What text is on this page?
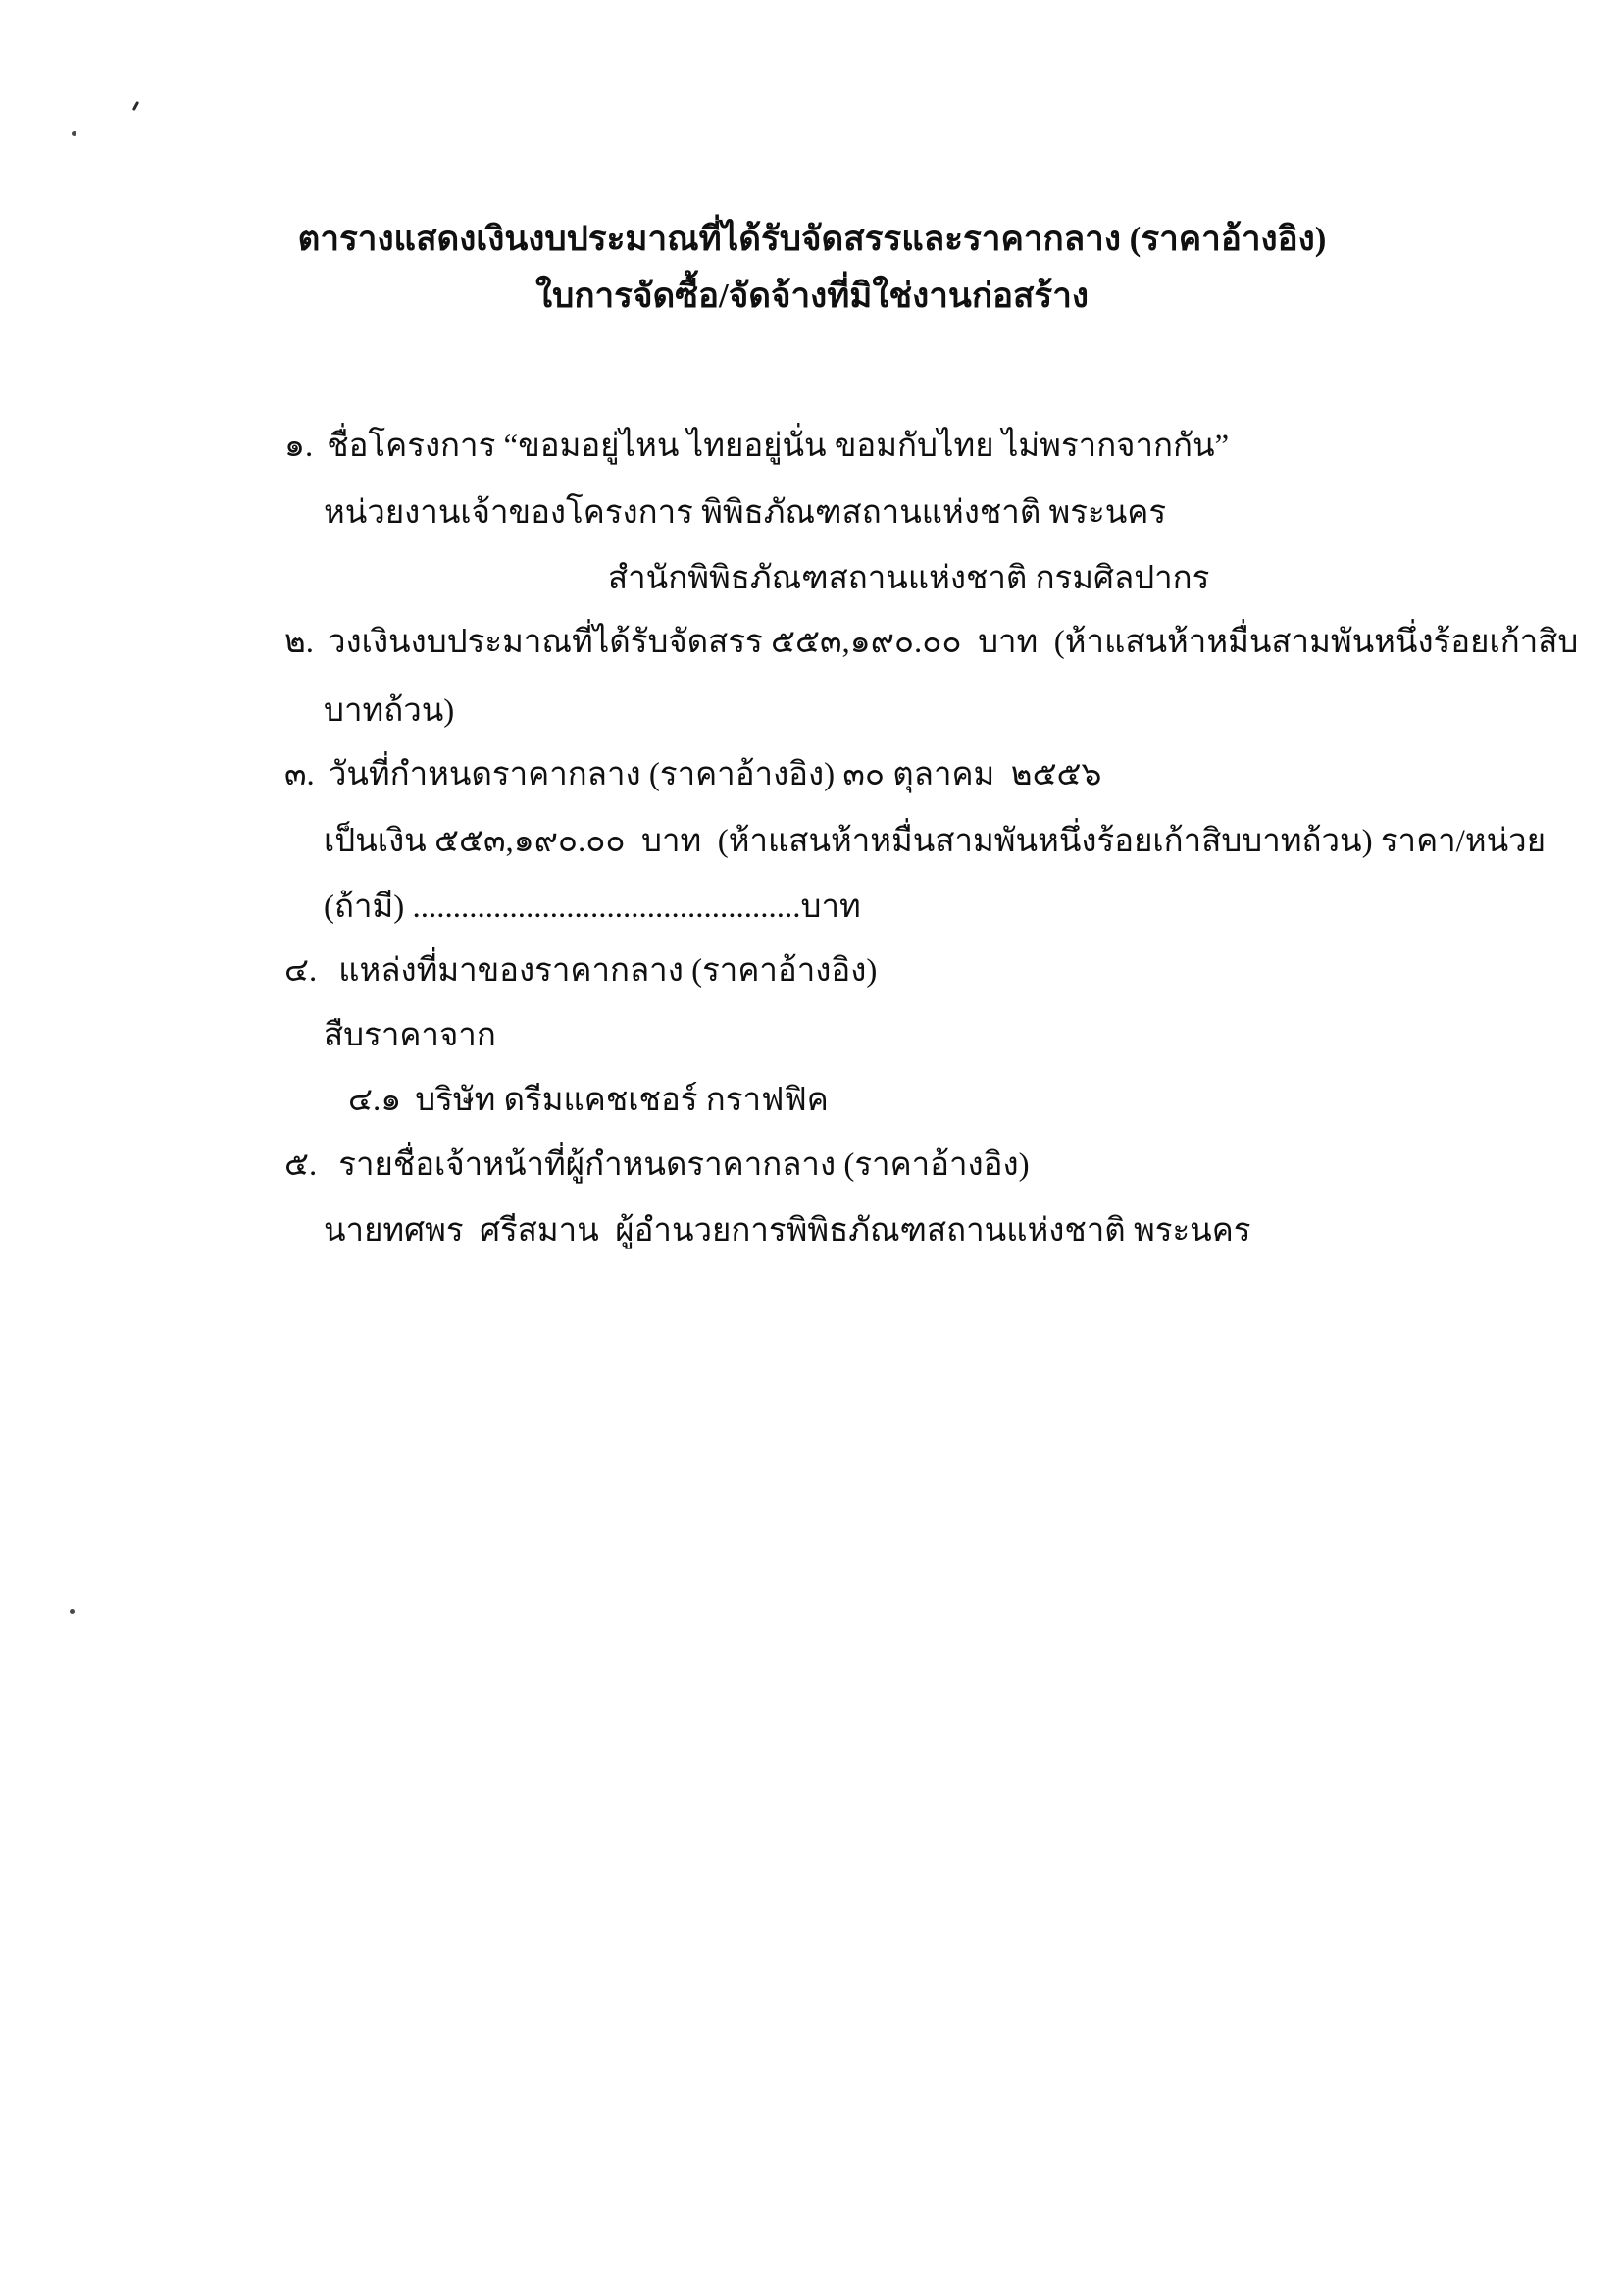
ตารางแสดงเงินงบประมาณที่ได้รับจัดสรรและราคากลาง (ราคาอ้างอิง)
ใบการจัดซื้อ/จัดจ้างที่มิใช่งานก่อสร้าง
๑. ชื่อโครงการ “ขอมอยู่ไหน ไทยอยู่นั่น ขอมกับไทย ไม่พรากจากกัน”
หน่วยงานเจ้าของโครงการ พิพิธภัณฑสถานแห่งชาติ พระนคร
สำนักพิพิธภัณฑสถานแห่งชาติ กรมศิลปากร
๒. วงเงินงบประมาณที่ได้รับจัดสรร ๕๕๓,๑๙๐.๐๐  บาท  (ห้าแสนห้าหมื่นสามพันหนึ่งร้อยเก้าสิบ
บาทถ้วน)
๓. วันที่กำหนดราคากลาง (ราคาอ้างอิง) ๓๐ ตุลาคม  ๒๕๕๖
เป็นเงิน ๕๕๓,๑๙๐.๐๐  บาท  (ห้าแสนห้าหมื่นสามพันหนึ่งร้อยเก้าสิบบาทถ้วน) ราคา/หน่วย
(ถ้ามี) ................................................บาท
๔. แหล่งที่มาของราคากลาง (ราคาอ้างอิง)
สืบราคาจาก
๔.๑ บริษัท ดรีมแคชเชอร์ กราฟฟิค
๕. รายชื่อเจ้าหน้าที่ผู้กำหนดราคากลาง (ราคาอ้างอิง)
นายทศพร  ศรีสมาน  ผู้อำนวยการพิพิธภัณฑสถานแห่งชาติ พระนคร
